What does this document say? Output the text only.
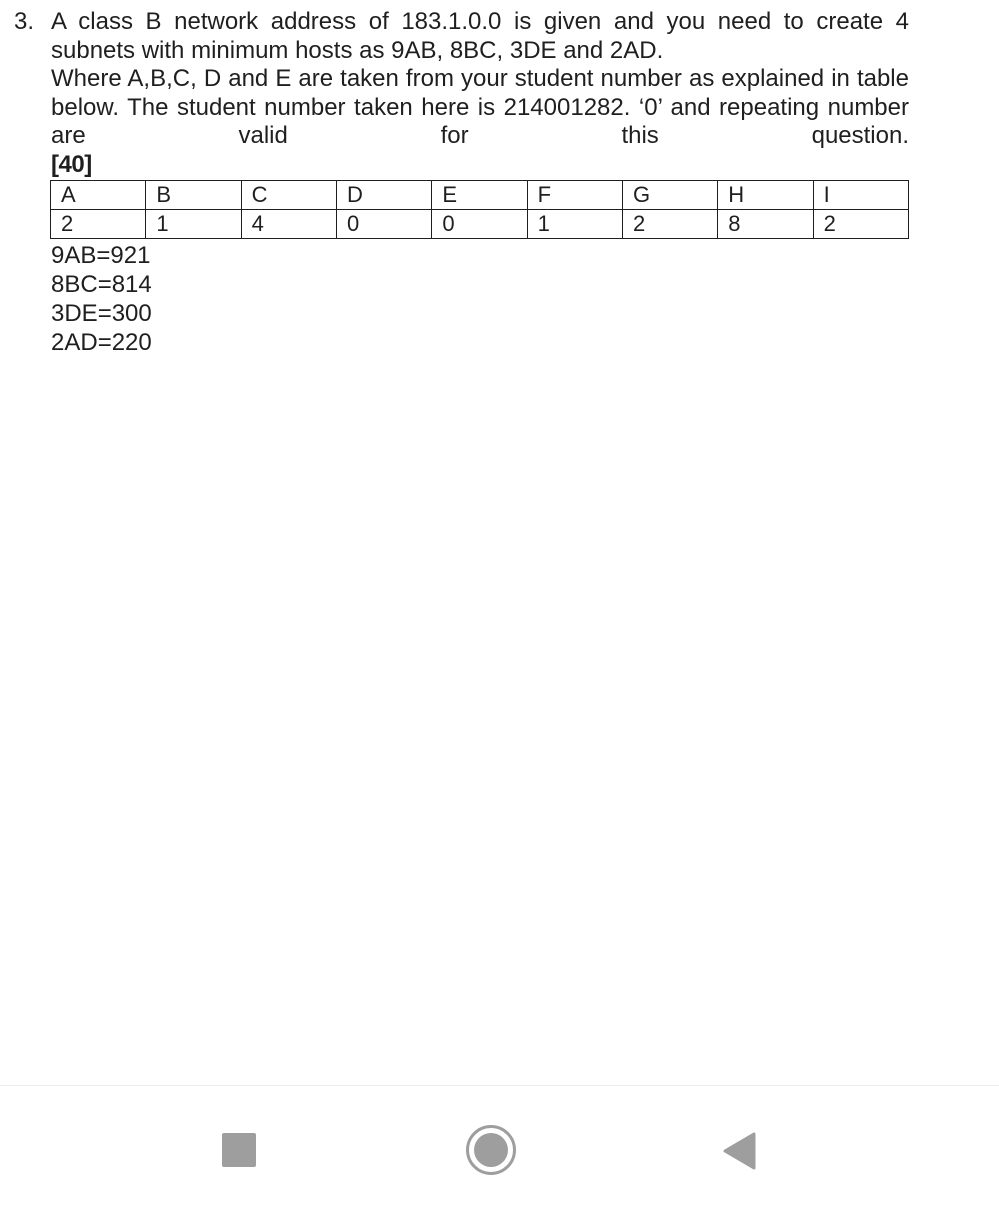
3. A class B network address of 183.1.0.0 is given and you need to create 4 subnets with minimum hosts as 9AB, 8BC, 3DE and 2AD.

Where A,B,C, D and E are taken from your student number as explained in table below. The student number taken here is 214001282. ‘0’ and repeating number are valid for this question.

[40]
A	B	C	D	E	F	G	H	I
2	1	4	0	0	1	2	8	2
9AB=921
8BC=814
3DE=300
2AD=220
